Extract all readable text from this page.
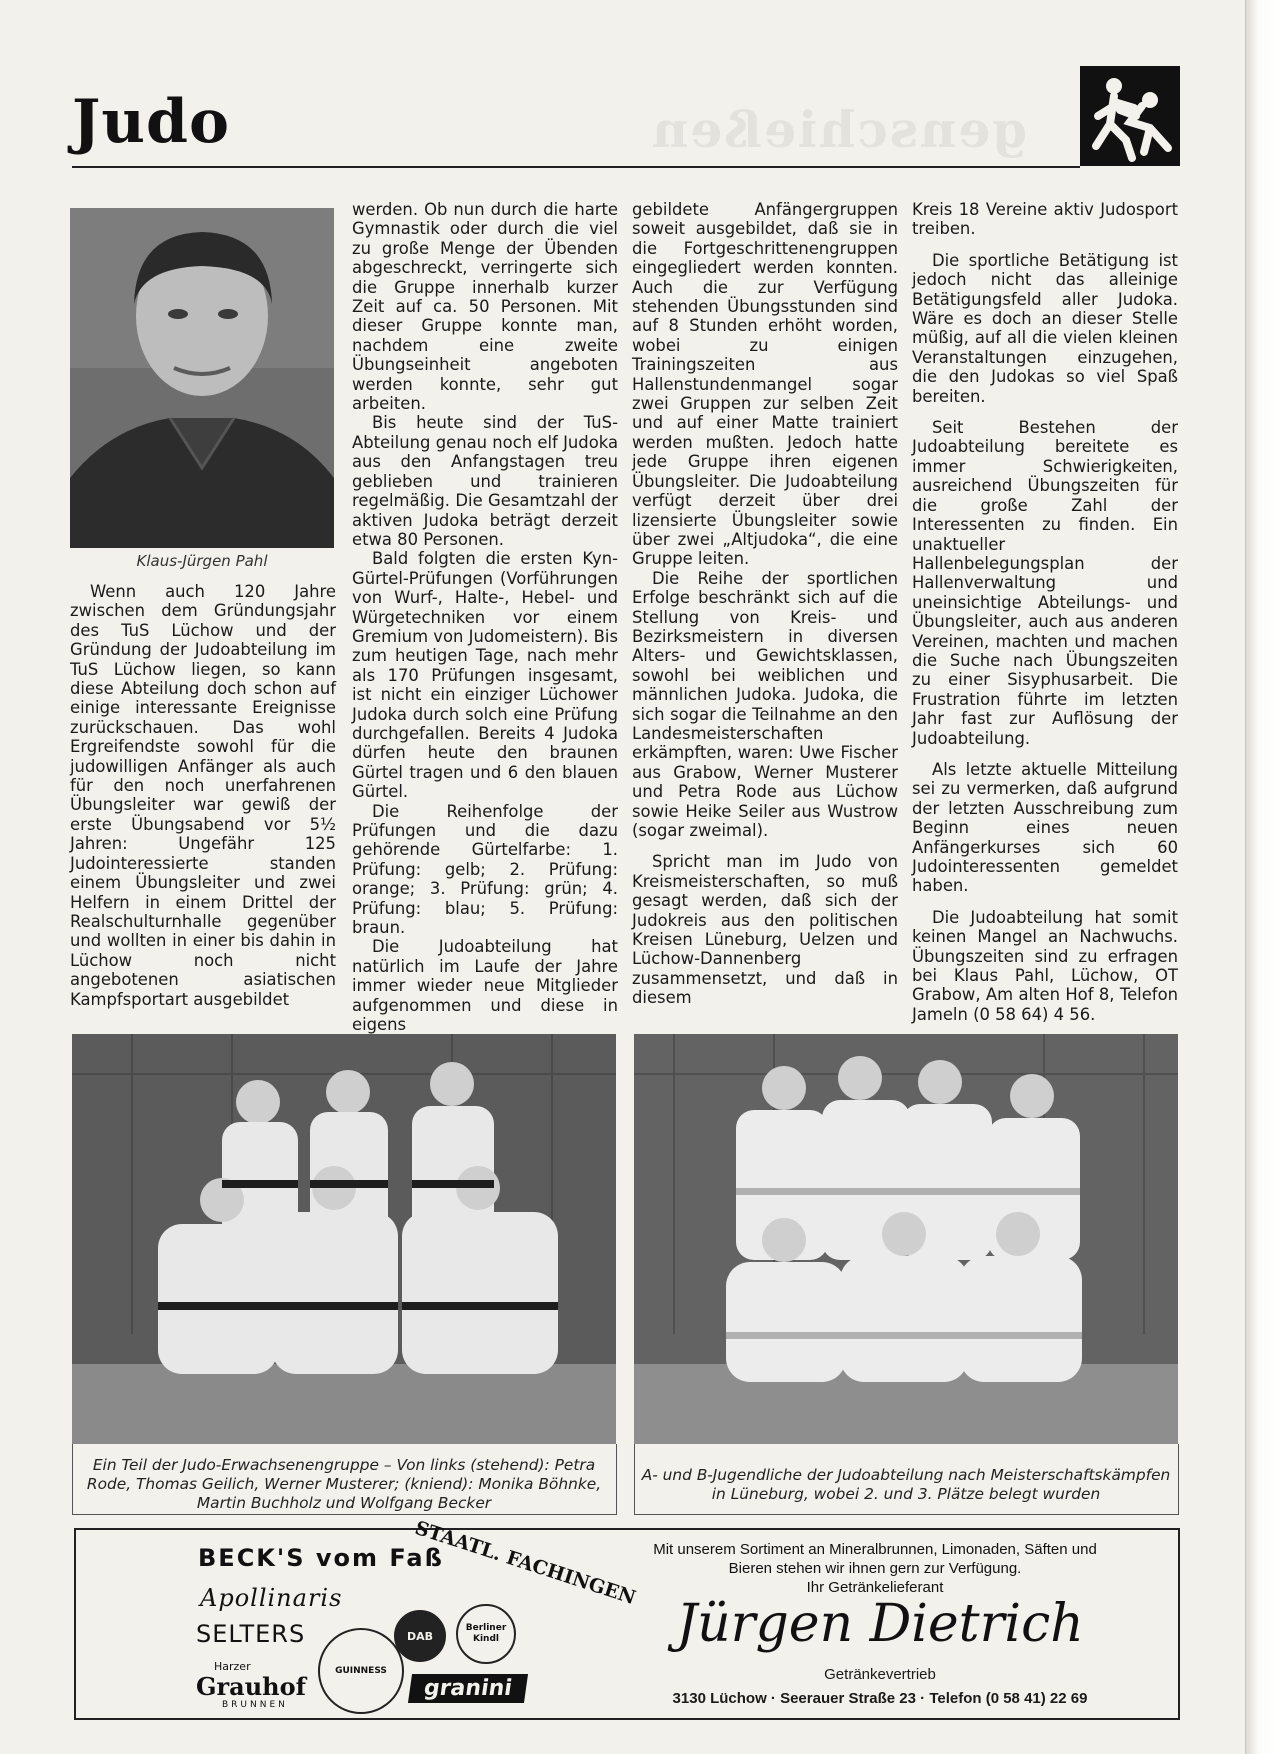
genschießen
Judo
Klaus-Jürgen Pahl

Wenn auch 120 Jahre zwischen dem Gründungsjahr des TuS Lüchow und der Gründung der Judoabteilung im TuS Lüchow liegen, so kann diese Abteilung doch schon auf einige interessante Ereignisse zurückschauen. Das wohl Ergreifendste sowohl für die judowilligen Anfänger als auch für den noch unerfahrenen Übungsleiter war gewiß der erste Übungsabend vor 5½ Jahren: Ungefähr 125 Judointeressierte standen einem Übungsleiter und zwei Helfern in einem Drittel der Realschulturnhalle gegenüber und wollten in einer bis dahin in Lüchow noch nicht angebotenen asiatischen Kampfsportart ausgebildet

werden. Ob nun durch die harte Gymnastik oder durch die viel zu große Menge der Übenden abgeschreckt, verringerte sich die Gruppe innerhalb kurzer Zeit auf ca. 50 Personen. Mit dieser Gruppe konnte man, nachdem eine zweite Übungseinheit angeboten werden konnte, sehr gut arbeiten.

Bis heute sind der TuS-Abteilung genau noch elf Judoka aus den Anfangstagen treu geblieben und trainieren regelmäßig. Die Gesamtzahl der aktiven Judoka beträgt derzeit etwa 80 Personen.

Bald folgten die ersten Kyn-Gürtel-Prüfungen (Vorführungen von Wurf-, Halte-, Hebel- und Würgetechniken vor einem Gremium von Judomeistern). Bis zum heutigen Tage, nach mehr als 170 Prüfungen insgesamt, ist nicht ein einziger Lüchower Judoka durch solch eine Prüfung durchgefallen. Bereits 4 Judoka dürfen heute den braunen Gürtel tragen und 6 den blauen Gürtel.

Die Reihenfolge der Prüfungen und die dazu gehörende Gürtelfarbe: 1. Prüfung: gelb; 2. Prüfung: orange; 3. Prüfung: grün; 4. Prüfung: blau; 5. Prüfung: braun.

Die Judoabteilung hat natürlich im Laufe der Jahre immer wieder neue Mitglieder aufgenommen und diese in eigens

gebildete Anfängergruppen soweit ausgebildet, daß sie in die Fortgeschrittenengruppen eingegliedert werden konnten. Auch die zur Verfügung stehenden Übungsstunden sind auf 8 Stunden erhöht worden, wobei zu einigen Trainingszeiten aus Hallenstundenmangel sogar zwei Gruppen zur selben Zeit und auf einer Matte trainiert werden mußten. Jedoch hatte jede Gruppe ihren eigenen Übungsleiter. Die Judoabteilung verfügt derzeit über drei lizensierte Übungsleiter sowie über zwei „Altjudoka“, die eine Gruppe leiten.

Die Reihe der sportlichen Erfolge beschränkt sich auf die Stellung von Kreis- und Bezirksmeistern in diversen Alters- und Gewichtsklassen, sowohl bei weiblichen und männlichen Judoka. Judoka, die sich sogar die Teilnahme an den Landesmeisterschaften erkämpften, waren: Uwe Fischer aus Grabow, Werner Musterer und Petra Rode aus Lüchow sowie Heike Seiler aus Wustrow (sogar zweimal).

Spricht man im Judo von Kreismeisterschaften, so muß gesagt werden, daß sich der Judokreis aus den politischen Kreisen Lüneburg, Uelzen und Lüchow-Dannenberg zusammensetzt, und daß in diesem

Kreis 18 Vereine aktiv Judosport treiben.

Die sportliche Betätigung ist jedoch nicht das alleinige Betätigungsfeld aller Judoka. Wäre es doch an dieser Stelle müßig, auf all die vielen kleinen Veranstaltungen einzugehen, die den Judokas so viel Spaß bereiten.

Seit Bestehen der Judoabteilung bereitete es immer Schwierigkeiten, ausreichend Übungszeiten für die große Zahl der Interessenten zu finden. Ein unaktueller Hallenbelegungsplan der Hallenverwaltung und uneinsichtige Abteilungs- und Übungsleiter, auch aus anderen Vereinen, machten und machen die Suche nach Übungszeiten zu einer Sisyphusarbeit. Die Frustration führte im letzten Jahr fast zur Auflösung der Judoabteilung.

Als letzte aktuelle Mitteilung sei zu vermerken, daß aufgrund der letzten Ausschreibung zum Beginn eines neuen Anfängerkurses sich 60 Judointeressenten gemeldet haben.

Die Judoabteilung hat somit keinen Mangel an Nachwuchs. Übungszeiten sind zu erfragen bei Klaus Pahl, Lüchow, OT Grabow, Am alten Hof 8, Telefon Jameln (0 58 64) 4 56.

Ein Teil der Judo-Erwachsenengruppe – Von links (stehend): Petra Rode, Thomas Geilich, Werner Musterer; (kniend): Monika Böhnke, Martin Buchholz und Wolfgang Becker
A- und B-Jugendliche der Judoabteilung nach Meisterschaftskämpfen in Lüneburg, wobei 2. und 3. Plätze belegt wurden
BECK'S vom Faß
STAATL. FACHINGEN
Apollinaris
SELTERS
Harzer
Grauhof
BRUNNEN
GUINNESS
DAB
Berliner Kindl
granini
Mit unserem Sortiment an Mineralbrunnen, Limonaden, Säften und
Bieren stehen wir ihnen gern zur Verfügung.
Ihr Getränkelieferant
Jürgen Dietrich
Getränkevertrieb
3130 Lüchow · Seerauer Straße 23 · Telefon (0 58 41) 22 69
